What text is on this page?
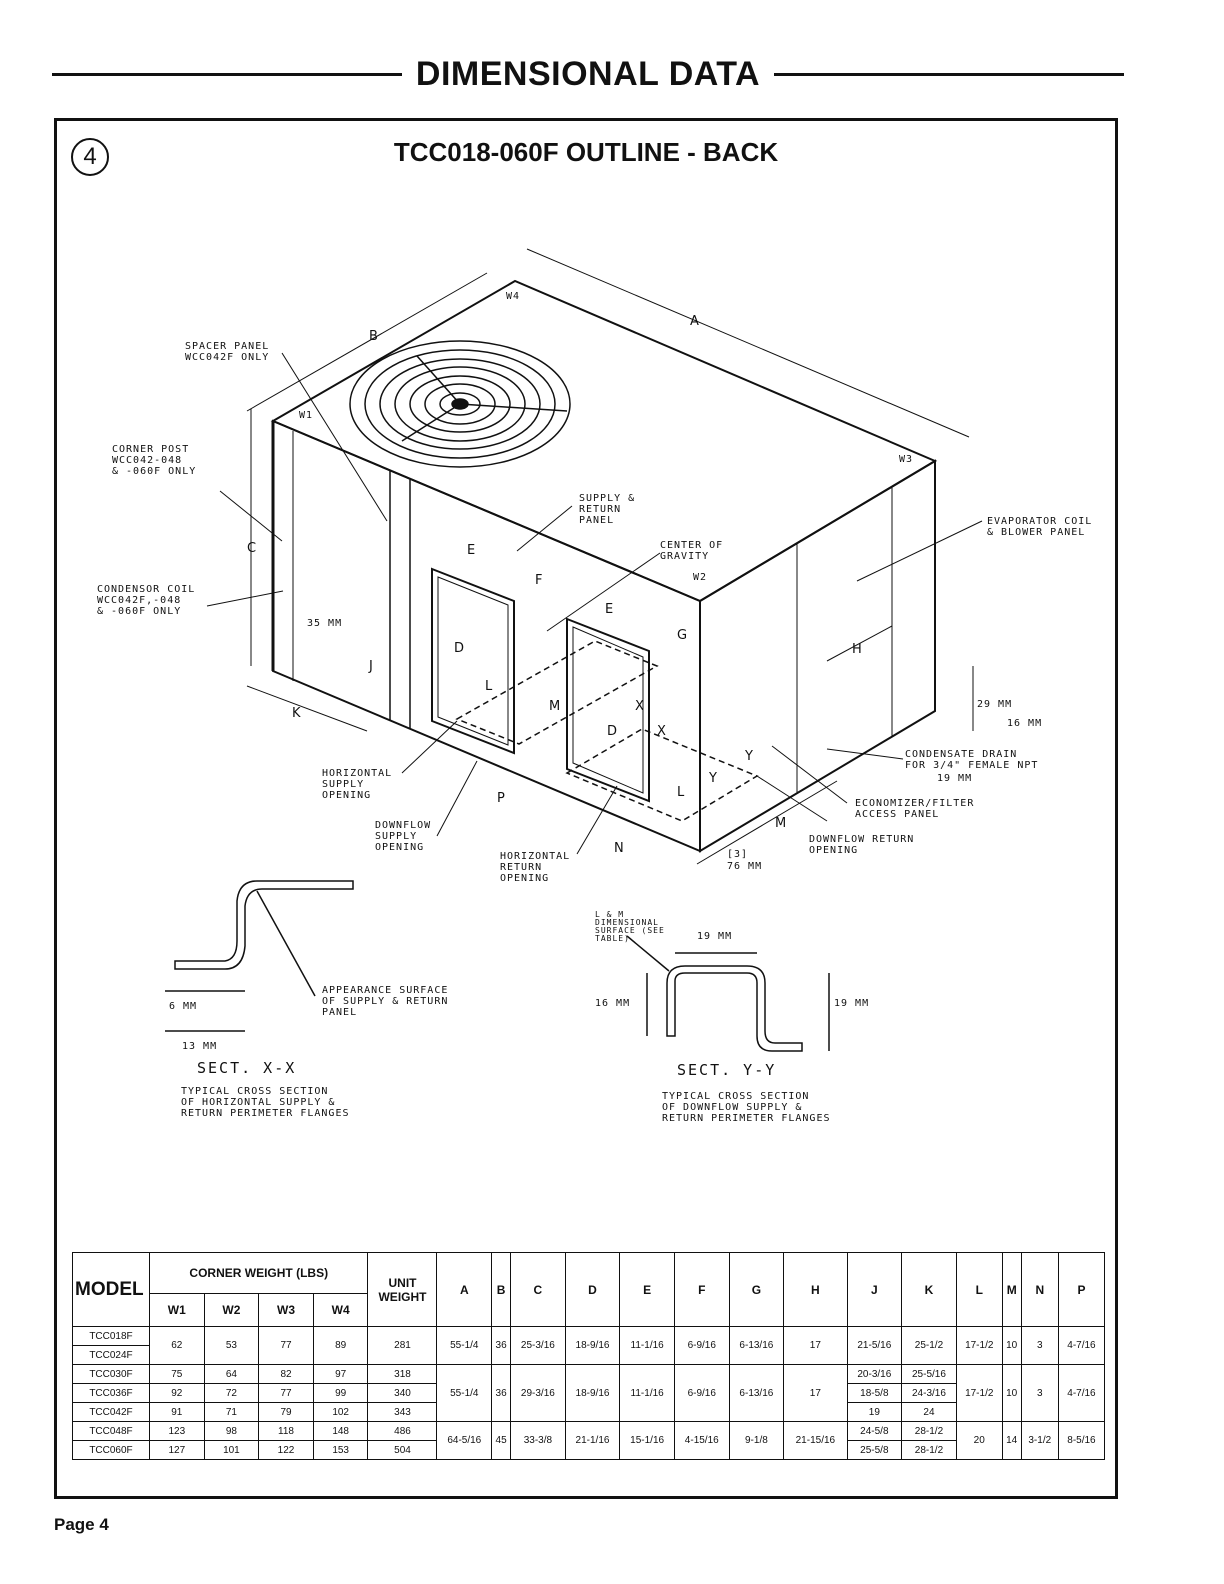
DIMENSIONAL DATA
4	TCC018-060F OUTLINE - BACK
SPACER PANEL
WCC042F ONLY
CORNER POST
WCC042-048
& -060F ONLY
CONDENSOR COIL
WCC042F,-048
& -060F ONLY
SUPPLY &
RETURN
PANEL
CENTER OF
GRAVITY
EVAPORATOR COIL
& BLOWER PANEL
HORIZONTAL
SUPPLY
OPENING
DOWNFLOW
SUPPLY
OPENING
HORIZONTAL
RETURN
OPENING
DOWNFLOW RETURN
OPENING
ECONOMIZER/FILTER
ACCESS PANEL
CONDENSATE DRAIN
FOR 3/4" FEMALE NPT
19 MM
29 MM
16 MM
35 MM
76 MM
[3]
W1
W2
W3
W4
A
B
C
D
D
E
E
F
G
H
J
K
L
L
M
M
N
P
X
X
Y
Y
6 MM
13 MM
APPEARANCE SURFACE
OF SUPPLY & RETURN
PANEL
SECT. X-X
TYPICAL CROSS SECTION
OF HORIZONTAL SUPPLY &
RETURN PERIMETER FLANGES
L & M
DIMENSIONAL
SURFACE (SEE
TABLE)	19 MM
16 MM	19 MM
SECT. Y-Y
TYPICAL CROSS SECTION
OF DOWNFLOW SUPPLY &
RETURN PERIMETER FLANGES
MODEL	CORNER WEIGHT (LBS)				UNIT WEIGHT	A	B	C	D	E	F	G	H	J	K	L	M	N	P
	W1	W2	W3	W4															
TCC018F	62	53	77	89	281	55-1/4	36	25-3/16	18-9/16	11-1/16	6-9/16	6-13/16	17	21-5/16	25-1/2	17-1/2	10	3	4-7/16
TCC024F																			
TCC030F	75	64	82	97	318	55-1/4	36	29-3/16	18-9/16	11-1/16	6-9/16	6-13/16	17	20-3/16	25-5/16	17-1/2	10	3	4-7/16
TCC036F	92	72	77	99	340									18-5/8	24-3/16				
TCC042F	91	71	79	102	343									19	24				
TCC048F	123	98	118	148	486	64-5/16	45	33-3/8	21-1/16	15-1/16	4-15/16	9-1/8	21-15/16	24-5/8	28-1/2	20	14	3-1/2	8-5/16
TCC060F	127	101	122	153	504									25-5/8	28-1/2				
Page 4
